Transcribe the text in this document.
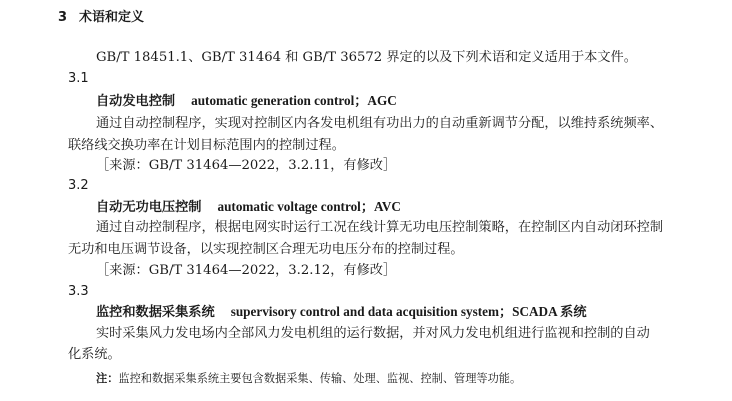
3 术语和定义
GB/T 18451.1、GB/T 31464 和 GB/T 36572 界定的以及下列术语和定义适用于本文件。
3.1
自动发电控制 automatic generation control；AGC
通过自动控制程序，实现对控制区内各发电机组有功出力的自动重新调节分配，以维持系统频率、
联络线交换功率在计划目标范围内的控制过程。
［来源：GB/T 31464—2022，3.2.11，有修改］
3.2
自动无功电压控制 automatic voltage control；AVC
通过自动控制程序，根据电网实时运行工况在线计算无功电压控制策略，在控制区内自动闭环控制
无功和电压调节设备，以实现控制区合理无功电压分布的控制过程。
［来源：GB/T 31464—2022，3.2.12，有修改］
3.3
监控和数据采集系统 supervisory control and data acquisition system；SCADA 系统
实时采集风力发电场内全部风力发电机组的运行数据，并对风力发电机组进行监视和控制的自动
化系统。
注：监控和数据采集系统主要包含数据采集、传输、处理、监视、控制、管理等功能。
